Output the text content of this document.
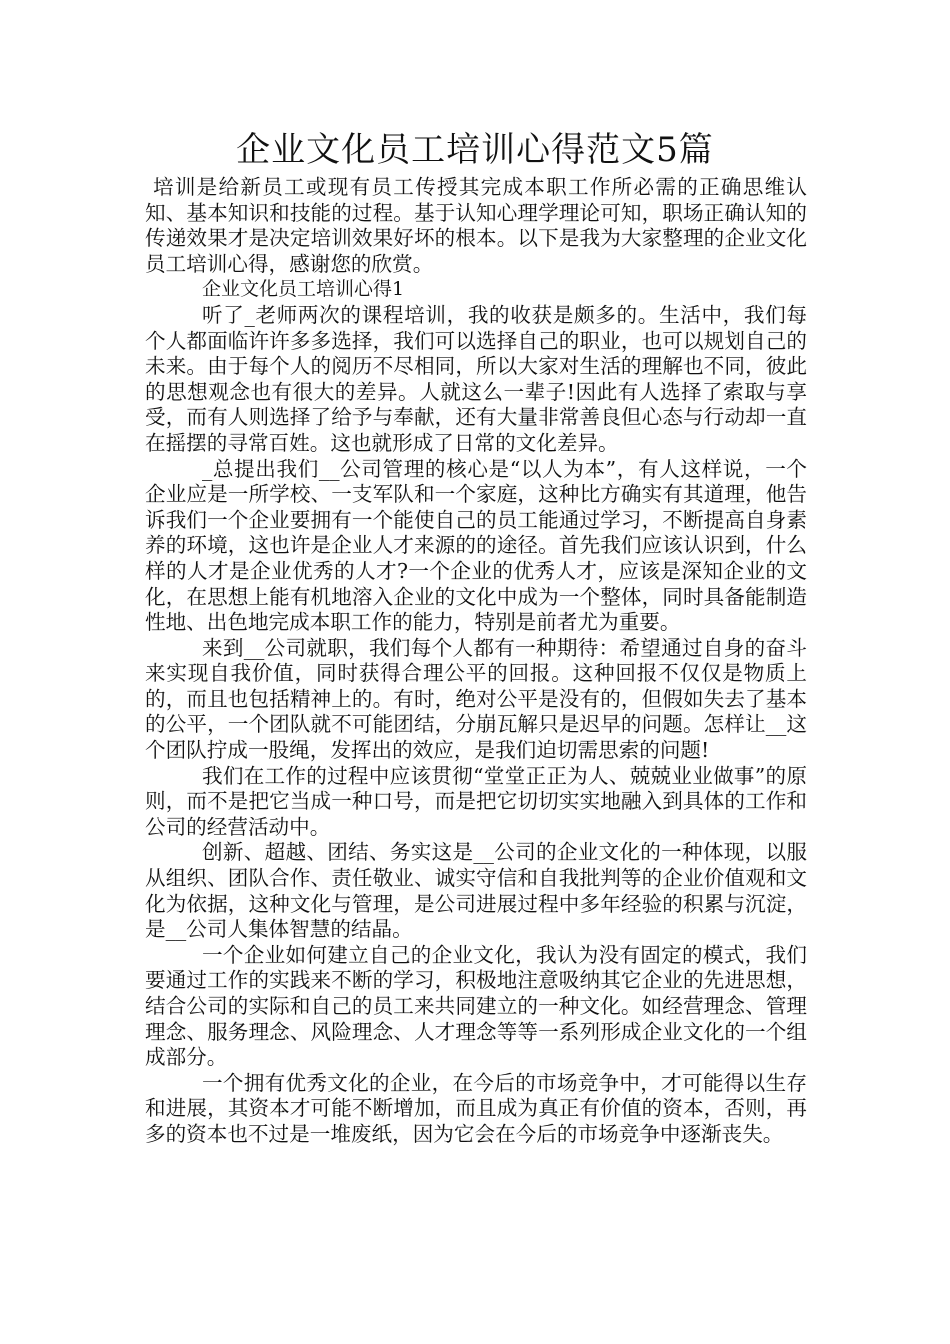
企业文化员工培训心得范文5篇

培训是给新员工或现有员工传授其完成本职工作所必需的正确思维认知、基本知识和技能的过程。基于认知心理学理论可知，职场正确认知的传递效果才是决定培训效果好坏的根本。以下是我为大家整理的企业文化员工培训心得，感谢您的欣赏。

企业文化员工培训心得1

听了_老师两次的课程培训，我的收获是颇多的。生活中，我们每个人都面临许许多多选择，我们可以选择自己的职业，也可以规划自己的未来。由于每个人的阅历不尽相同，所以大家对生活的理解也不同，彼此的思想观念也有很大的差异。人就这么一辈子!因此有人选择了索取与享受，而有人则选择了给予与奉献，还有大量非常善良但心态与行动却一直在摇摆的寻常百姓。这也就形成了日常的文化差异。

_总提出我们__公司管理的核心是“以人为本”，有人这样说，一个企业应是一所学校、一支军队和一个家庭，这种比方确实有其道理，他告诉我们一个企业要拥有一个能使自己的员工能通过学习，不断提高自身素养的环境，这也许是企业人才来源的的途径。首先我们应该认识到，什么样的人才是企业优秀的人才?一个企业的优秀人才，应该是深知企业的文化，在思想上能有机地溶入企业的文化中成为一个整体，同时具备能制造性地、出色地完成本职工作的能力，特别是前者尤为重要。

来到__公司就职，我们每个人都有一种期待：希望通过自身的奋斗来实现自我价值，同时获得合理公平的回报。这种回报不仅仅是物质上的，而且也包括精神上的。有时，绝对公平是没有的，但假如失去了基本的公平，一个团队就不可能团结，分崩瓦解只是迟早的问题。怎样让__这个团队拧成一股绳，发挥出的效应，是我们迫切需思索的问题!

我们在工作的过程中应该贯彻“堂堂正正为人、兢兢业业做事”的原则，而不是把它当成一种口号，而是把它切切实实地融入到具体的工作和公司的经营活动中。

创新、超越、团结、务实这是__公司的企业文化的一种体现，以服从组织、团队合作、责任敬业、诚实守信和自我批判等的企业价值观和文化为依据，这种文化与管理，是公司进展过程中多年经验的积累与沉淀，是__公司人集体智慧的结晶。

一个企业如何建立自己的企业文化，我认为没有固定的模式，我们要通过工作的实践来不断的学习，积极地注意吸纳其它企业的先进思想，结合公司的实际和自己的员工来共同建立的一种文化。如经营理念、管理理念、服务理念、风险理念、人才理念等等一系列形成企业文化的一个组成部分。

一个拥有优秀文化的企业，在今后的市场竞争中，才可能得以生存和进展，其资本才可能不断增加，而且成为真正有价值的资本，否则，再多的资本也不过是一堆废纸，因为它会在今后的市场竞争中逐渐丧失。
